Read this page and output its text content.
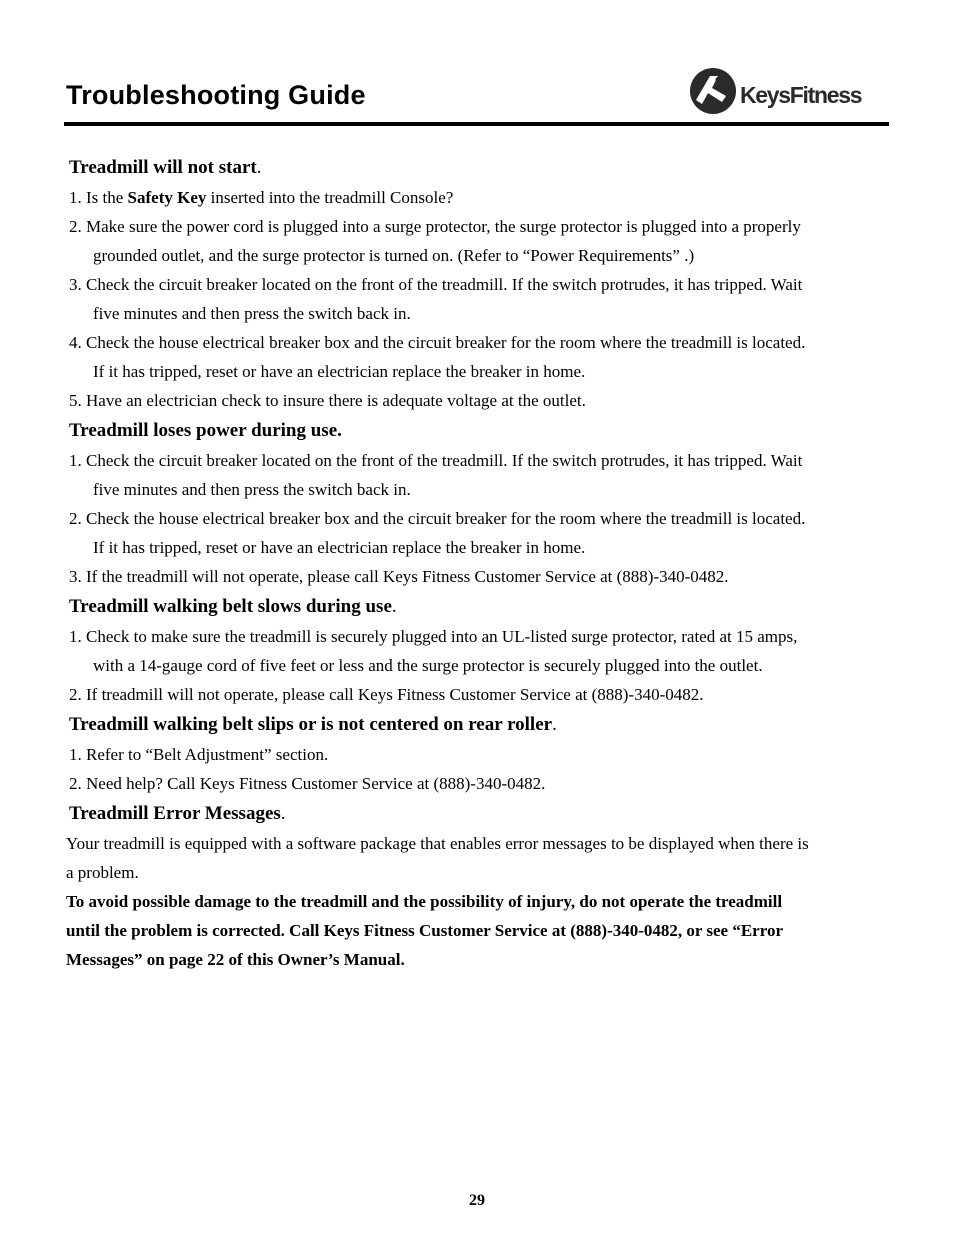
Troubleshooting Guide	KeysFitness
Treadmill will not start.
1. Is the Safety Key inserted into the treadmill Console?
2. Make sure the power cord is plugged into a surge protector, the surge protector is plugged into a properly
grounded outlet, and the surge protector is turned on. (Refer to “Power Requirements” .)
3. Check the circuit breaker located on the front of the treadmill. If the switch protrudes, it has tripped. Wait
five minutes and then press the switch back in.
4. Check the house electrical breaker box and the circuit breaker for the room where the treadmill is located.
If it has tripped, reset or have an electrician replace the breaker in home.
5. Have an electrician check to insure there is adequate voltage at the outlet.
Treadmill loses power during use.
1. Check the circuit breaker located on the front of the treadmill. If the switch protrudes, it has tripped. Wait
five minutes and then press the switch back in.
2. Check the house electrical breaker box and the circuit breaker for the room where the treadmill is located.
If it has tripped, reset or have an electrician replace the breaker in home.
3. If the treadmill will not operate, please call Keys Fitness Customer Service at (888)-340-0482.
Treadmill walking belt slows during use.
1. Check to make sure the treadmill is securely plugged into an UL-listed surge protector, rated at 15 amps,
with a 14-gauge cord of five feet or less and the surge protector is securely plugged into the outlet.
2. If treadmill will not operate, please call Keys Fitness Customer Service at (888)-340-0482.
Treadmill walking belt slips or is not centered on rear roller.
1. Refer to “Belt Adjustment” section.
2. Need help? Call Keys Fitness Customer Service at (888)-340-0482.
Treadmill Error Messages.
Your treadmill is equipped with a software package that enables error messages to be displayed when there is
a problem.
To avoid possible damage to the treadmill and the possibility of injury, do not operate the treadmill
until the problem is corrected. Call Keys Fitness Customer Service at (888)-340-0482, or see “Error
Messages” on page 22 of this Owner’s Manual.
29
